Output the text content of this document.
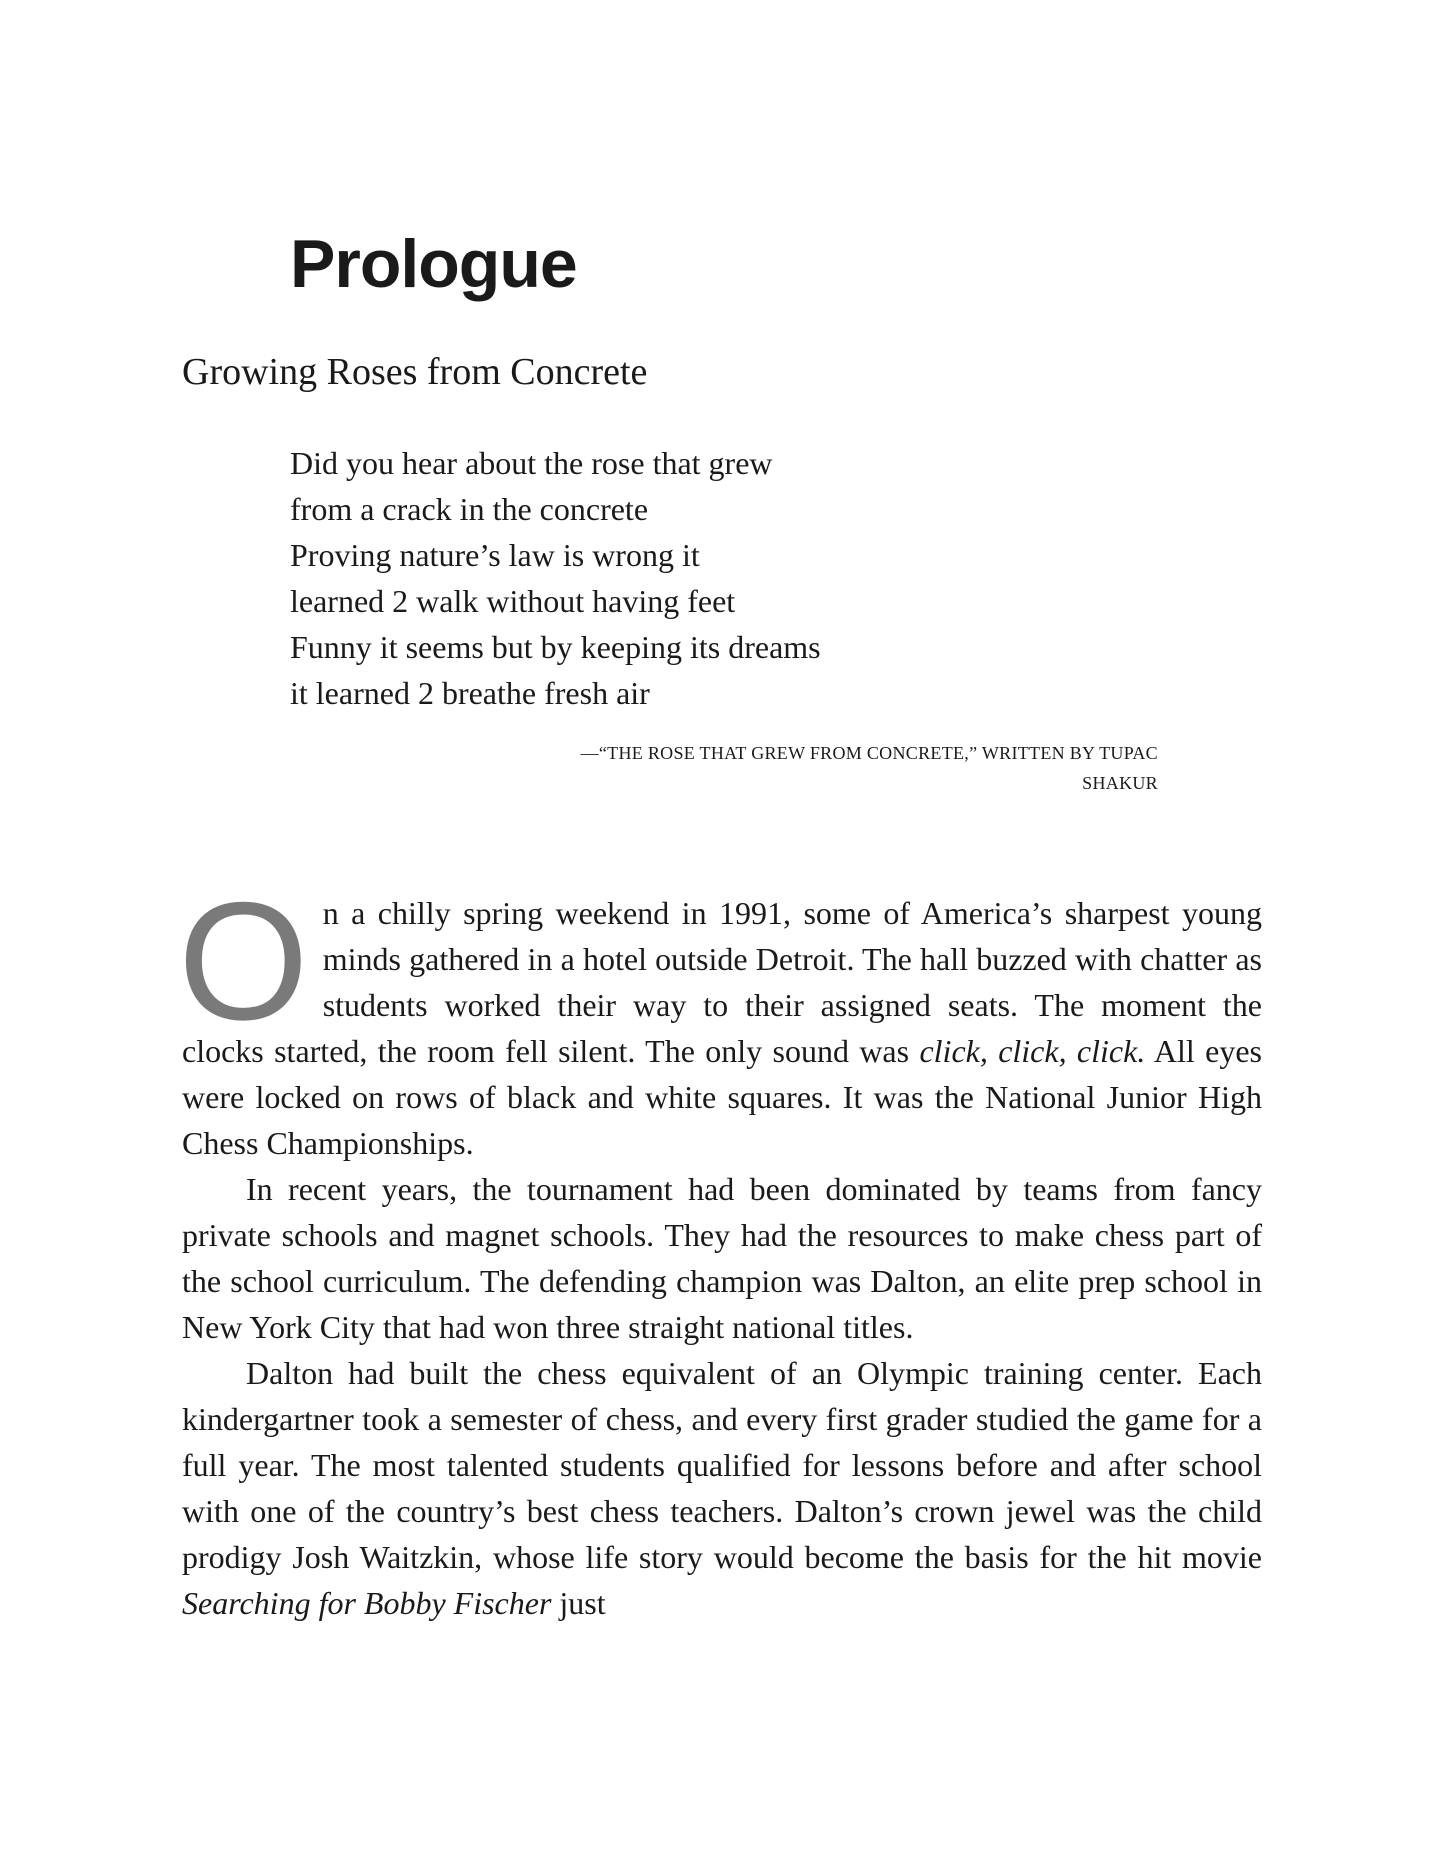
Prologue
Growing Roses from Concrete
Did you hear about the rose that grew
from a crack in the concrete
Proving nature’s law is wrong it
learned 2 walk without having feet
Funny it seems but by keeping its dreams
it learned 2 breathe fresh air
—“THE ROSE THAT GREW FROM CONCRETE,” WRITTEN BY TUPAC
SHAKUR

On a chilly spring weekend in 1991, some of America’s sharpest young minds gathered in a hotel outside Detroit. The hall buzzed with chatter as students worked their way to their assigned seats. The moment the clocks started, the room fell silent. The only sound was click, click, click. All eyes were locked on rows of black and white squares. It was the National Junior High Chess Championships.

In recent years, the tournament had been dominated by teams from fancy private schools and magnet schools. They had the resources to make chess part of the school curriculum. The defending champion was Dalton, an elite prep school in New York City that had won three straight national titles.

Dalton had built the chess equivalent of an Olympic training center. Each kindergartner took a semester of chess, and every first grader studied the game for a full year. The most talented students qualified for lessons before and after school with one of the country’s best chess teachers. Dalton’s crown jewel was the child prodigy Josh Waitzkin, whose life story would become the basis for the hit movie Searching for Bobby Fischer just
